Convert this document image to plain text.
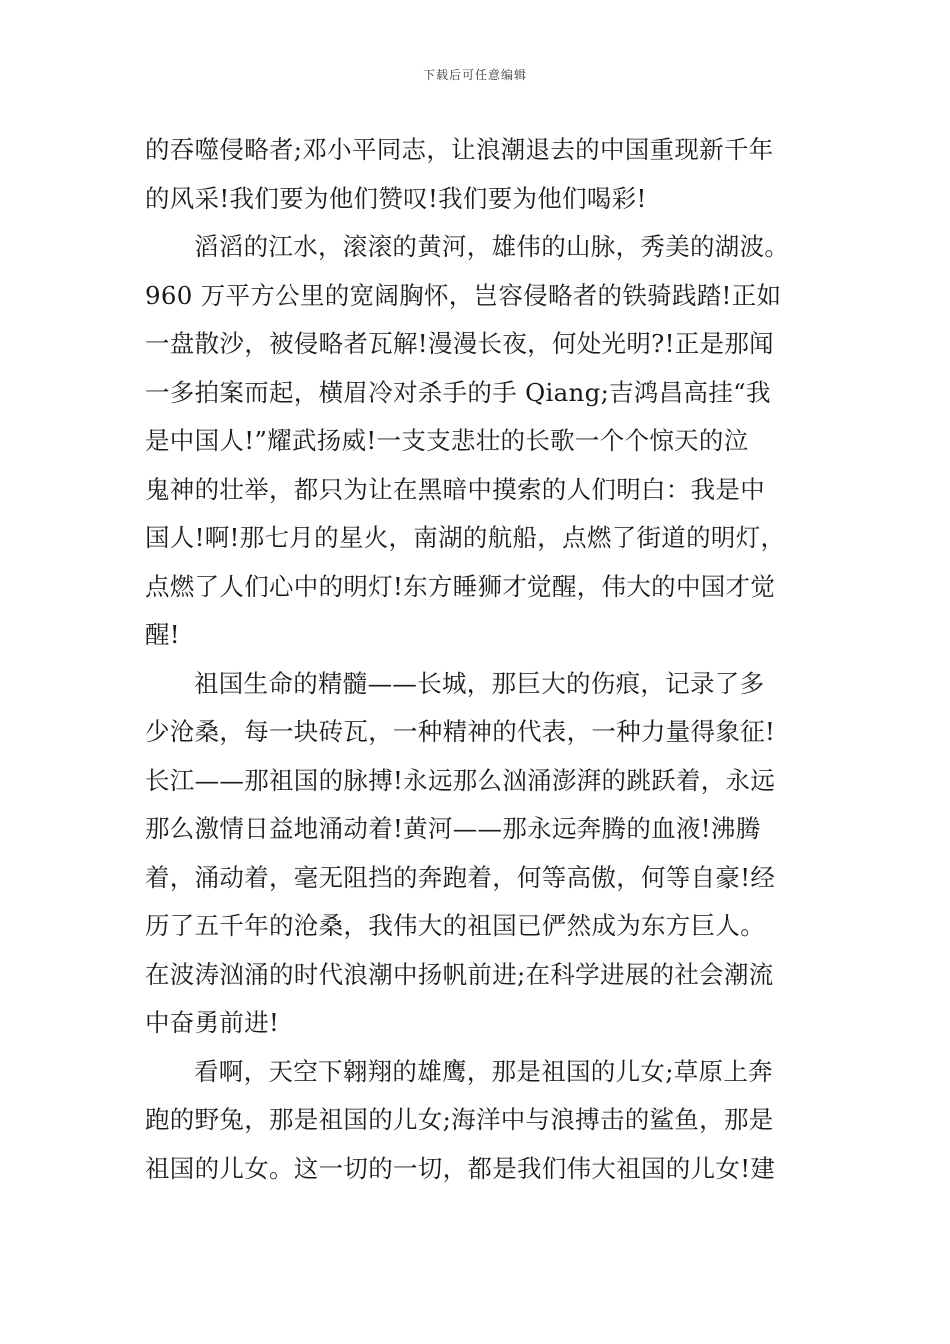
下载后可任意编辑
的吞噬侵略者;邓小平同志，让浪潮退去的中国重现新千年
的风采!我们要为他们赞叹!我们要为他们喝彩!
滔滔的江水，滚滚的黄河，雄伟的山脉，秀美的湖波。
960 万平方公里的宽阔胸怀，岂容侵略者的铁骑践踏!正如
一盘散沙，被侵略者瓦解!漫漫长夜，何处光明?!正是那闻
一多拍案而起，横眉冷对杀手的手 Qiang;吉鸿昌高挂“我
是中国人!”耀武扬威!一支支悲壮的长歌一个个惊天的泣
鬼神的壮举，都只为让在黑暗中摸索的人们明白：我是中
国人!啊!那七月的星火，南湖的航船，点燃了街道的明灯，
点燃了人们心中的明灯!东方睡狮才觉醒，伟大的中国才觉
醒!
祖国生命的精髓——长城，那巨大的伤痕，记录了多
少沧桑，每一块砖瓦，一种精神的代表，一种力量得象征!
长江——那祖国的脉搏!永远那么汹涌澎湃的跳跃着，永远
那么激情日益地涌动着!黄河——那永远奔腾的血液!沸腾
着，涌动着，毫无阻挡的奔跑着，何等高傲，何等自豪!经
历了五千年的沧桑，我伟大的祖国已俨然成为东方巨人。
在波涛汹涌的时代浪潮中扬帆前进;在科学进展的社会潮流
中奋勇前进!
看啊，天空下翱翔的雄鹰，那是祖国的儿女;草原上奔
跑的野兔，那是祖国的儿女;海洋中与浪搏击的鲨鱼，那是
祖国的儿女。这一切的一切，都是我们伟大祖国的儿女!建
